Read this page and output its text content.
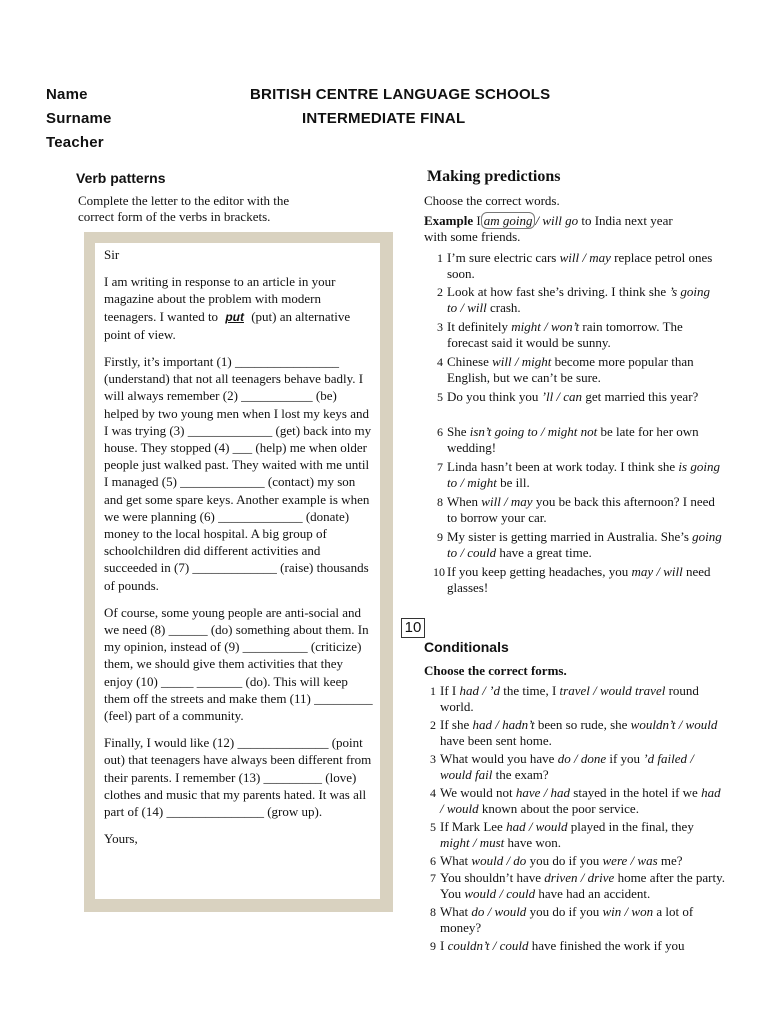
Name
Surname
Teacher
BRITISH CENTRE LANGUAGE SCHOOLS
INTERMEDIATE FINAL
Verb patterns
Complete the letter to the editor with the
correct form of the verbs in brackets.

Sir

I am writing in response to an article in your magazine about the problem with modern teenagers. I wanted to put (put) an alternative point of view.

Firstly, it’s important (1) ________________ (understand) that not all teenagers behave badly. I will always remember (2) ___________ (be) helped by two young men when I lost my keys and I was trying (3) _____________ (get) back into my house. They stopped (4) ___ (help) me when older people just walked past. They waited with me until I managed (5) _____________ (contact) my son and get some spare keys. Another example is when we were planning (6) _____________ (donate) money to the local hospital. A big group of schoolchildren did different activities and succeeded in (7) _____________ (raise) thousands of pounds.

Of course, some young people are anti-social and we need (8) ______ (do) something about them. In my opinion, instead of (9) __________ (criticize) them, we should give them activities that they enjoy (10) _____ _______ (do). This will keep them off the streets and make them (11) _________ (feel) part of a community.

Finally, I would like (12) ______________ (point out) that teenagers have always been different from their parents. I remember (13) _________ (love) clothes and music that my parents hated. It was all part of (14) _______________ (grow up).

Yours,

10
Making predictions
Choose the correct words.
Example I am going / will go to India next year
with some friends.
1 I’m sure electric cars will / may replace petrol ones soon.
2 Look at how fast she’s driving. I think she ’s going to / will crash.
3 It definitely might / won’t rain tomorrow. The forecast said it would be sunny.
4 Chinese will / might become more popular than English, but we can’t be sure.
5 Do you think you ’ll / can get married this year?
6 She isn’t going to / might not be late for her own wedding!
7 Linda hasn’t been at work today. I think she is going to / might be ill.
8 When will / may you be back this afternoon? I need to borrow your car.
9 My sister is getting married in Australia. She’s going to / could have a great time.
10 If you keep getting headaches, you may / will need glasses!
Conditionals
Choose the correct forms.
1 If I had / ’d the time, I travel / would travel round world.
2 If she had / hadn’t been so rude, she wouldn’t / would have been sent home.
3 What would you have do / done if you ’d failed / would fail the exam?
4 We would not have / had stayed in the hotel if we had / would known about the poor service.
5 If Mark Lee had / would played in the final, they might / must have won.
6 What would / do you do if you were / was me?
7 You shouldn’t have driven / drive home after the party. You would / could have had an accident.
8 What do / would you do if you win / won a lot of money?
9 I couldn’t / could have finished the work if you
